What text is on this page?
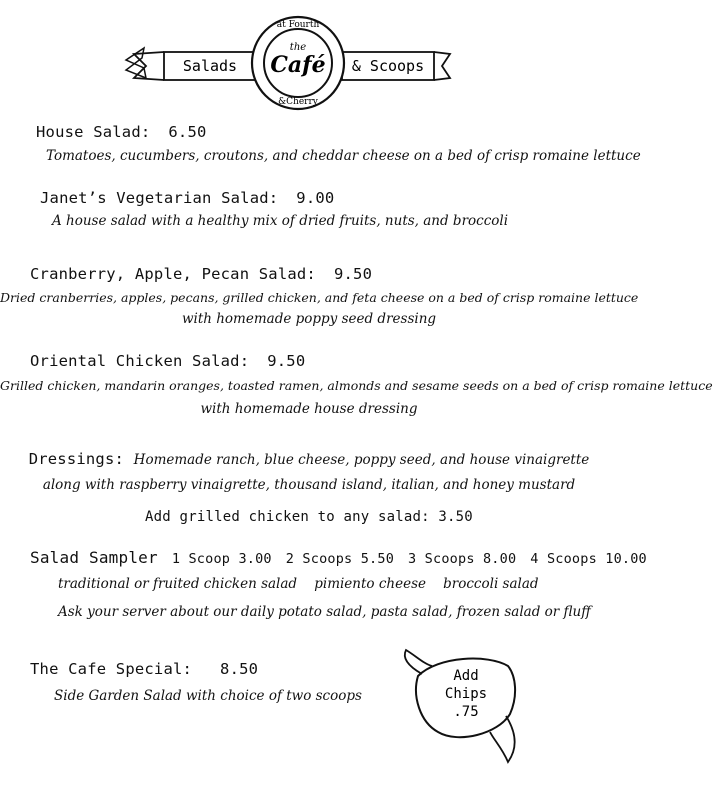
Salads	& Scoops
at Fourth
the
Café
&Cherry
House Salad: 6.50
Tomatoes, cucumbers, croutons, and cheddar cheese on a bed of crisp romaine lettuce
Janet’s Vegetarian Salad: 9.00
A house salad with a healthy mix of dried fruits, nuts, and broccoli
Cranberry, Apple, Pecan Salad: 9.50
Dried cranberries, apples, pecans, grilled chicken, and feta cheese on a bed of crisp romaine lettuce
with homemade poppy seed dressing
Oriental Chicken Salad: 9.50
Grilled chicken, mandarin oranges, toasted ramen, almonds and sesame seeds on a bed of crisp romaine lettuce
with homemade house dressing
Dressings: Homemade ranch, blue cheese, poppy seed, and house vinaigrette
along with raspberry vinaigrette, thousand island, italian, and honey mustard
Add grilled chicken to any salad: 3.50
Salad Sampler 1 Scoop 3.00 2 Scoops 5.50 3 Scoops 8.00 4 Scoops 10.00
traditional or fruited chicken salad    pimiento cheese    broccoli salad
Ask your server about our daily potato salad, pasta salad, frozen salad or fluff
The Cafe Special: 8.50
Side Garden Salad with choice of two scoops
Add
Chips
.75
